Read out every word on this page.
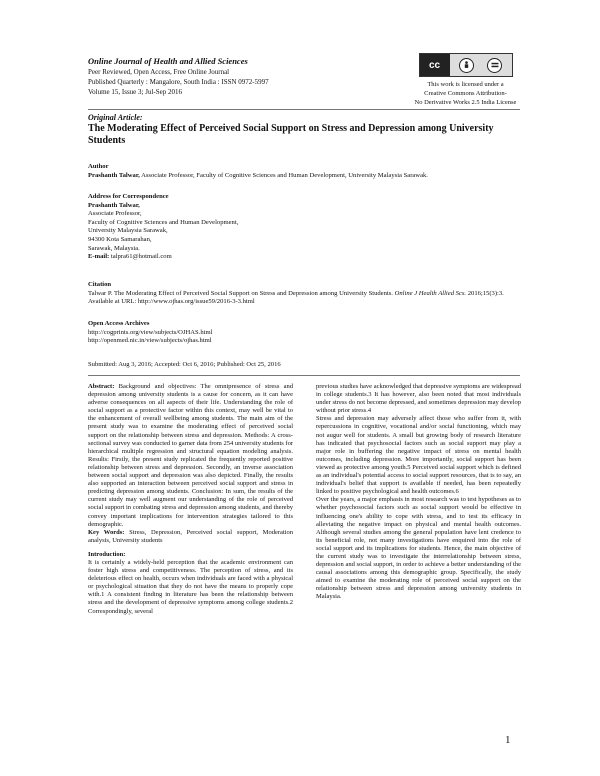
Online Journal of Health and Allied Sciences
Peer Reviewed, Open Access, Free Online Journal
Published Quarterly : Mangalore, South India : ISSN 0972-5997
Volume 15, Issue 3; Jul-Sep 2016
cc
This work is licensed under a
Creative Commons Attribution-
No Derivative Works 2.5 India License
Original Article:
The Moderating Effect of Perceived Social Support on Stress and Depression among University Students
Author
Prashanth Talwar, Associate Professor, Faculty of Cognitive Sciences and Human Development, University Malaysia Sarawak.
Address for Correspondence
Prashanth Talwar,
Associate Professor,
Faculty of Cognitive Sciences and Human Development,
University Malaysia Sarawak,
94300 Kota Samarahan,
Sarawak, Malaysia.
E-mail: talpra61@hotmail.com
Citation
Talwar P. The Moderating Effect of Perceived Social Support on Stress and Depression among University Students. Online J Health Allied Scs. 2016;15(3):3. Available at URL: http://www.ojhas.org/issue59/2016-3-3.html
Open Access Archives
http://cogprints.org/view/subjects/OJHAS.html
http://openmed.nic.in/view/subjects/ojhas.html
Submitted: Aug 3, 2016; Accepted: Oct 6, 2016; Published: Oct 25, 2016

Abstract: Background and objectives: The omnipresence of stress and depression among university students is a cause for concern, as it can have adverse consequences on all aspects of their life. Understanding the role of social support as a protective factor within this context, may well be vital to the enhancement of overall wellbeing among students. The main aim of the present study was to examine the moderating effect of perceived social support on the relationship between stress and depression. Methods: A cross-sectional survey was conducted to garner data from 254 university students for hierarchical multiple regression and structural equation modeling analysis. Results: Firstly, the present study replicated the frequently reported positive relationship between stress and depression. Secondly, an inverse association between social support and depression was also depicted. Finally, the results also supported an interaction between perceived social support and stress in predicting depression among students. Conclusion: In sum, the results of the current study may well augment our understanding of the role of perceived social support in combating stress and depression among students, and thereby convey important implications for intervention strategies tailored to this demographic.

Key Words: Stress, Depression, Perceived social support, Moderation analysis, University students

Introduction:

It is certainly a widely-held perception that the academic environment can foster high stress and competitiveness. The perception of stress, and its deleterious effect on health, occurs when individuals are faced with a physical or psychological situation that they do not have the means to properly cope with.1 A consistent finding in literature has been the relationship between stress and the development of depressive symptoms among college students.2 Correspondingly, several

previous studies have acknowledged that depressive symptoms are widespread in college students.3 It has however, also been noted that most individuals under stress do not become depressed, and sometimes depression may develop without prior stress.4

Stress and depression may adversely affect those who suffer from it, with repercussions in cognitive, vocational and/or social functioning, which may not augur well for students. A small but growing body of research literature has indicated that psychosocial factors such as social support may play a major role in buffering the negative impact of stress on mental health outcomes, including depression. More importantly, social support has been viewed as protective among youth.5 Perceived social support which is defined as an individual's potential access to social support resources, that is to say, an individual's belief that support is available if needed, has been repeatedly linked to positive psychological and health outcomes.6

Over the years, a major emphasis in most research was to test hypotheses as to whether psychosocial factors such as social support would be effective in influencing one's ability to cope with stress, and to test its efficacy in alleviating the negative impact on physical and mental health outcomes. Although several studies among the general population have lent credence to its beneficial role, not many investigations have enquired into the role of social support and its implications for students. Hence, the main objective of the current study was to investigate the interrelationship between stress, depression and social support, in order to achieve a better understanding of the causal associations among this demographic group. Specifically, the study aimed to examine the moderating role of perceived social support on the relationship between stress and depression among university students in Malaysia.

1
